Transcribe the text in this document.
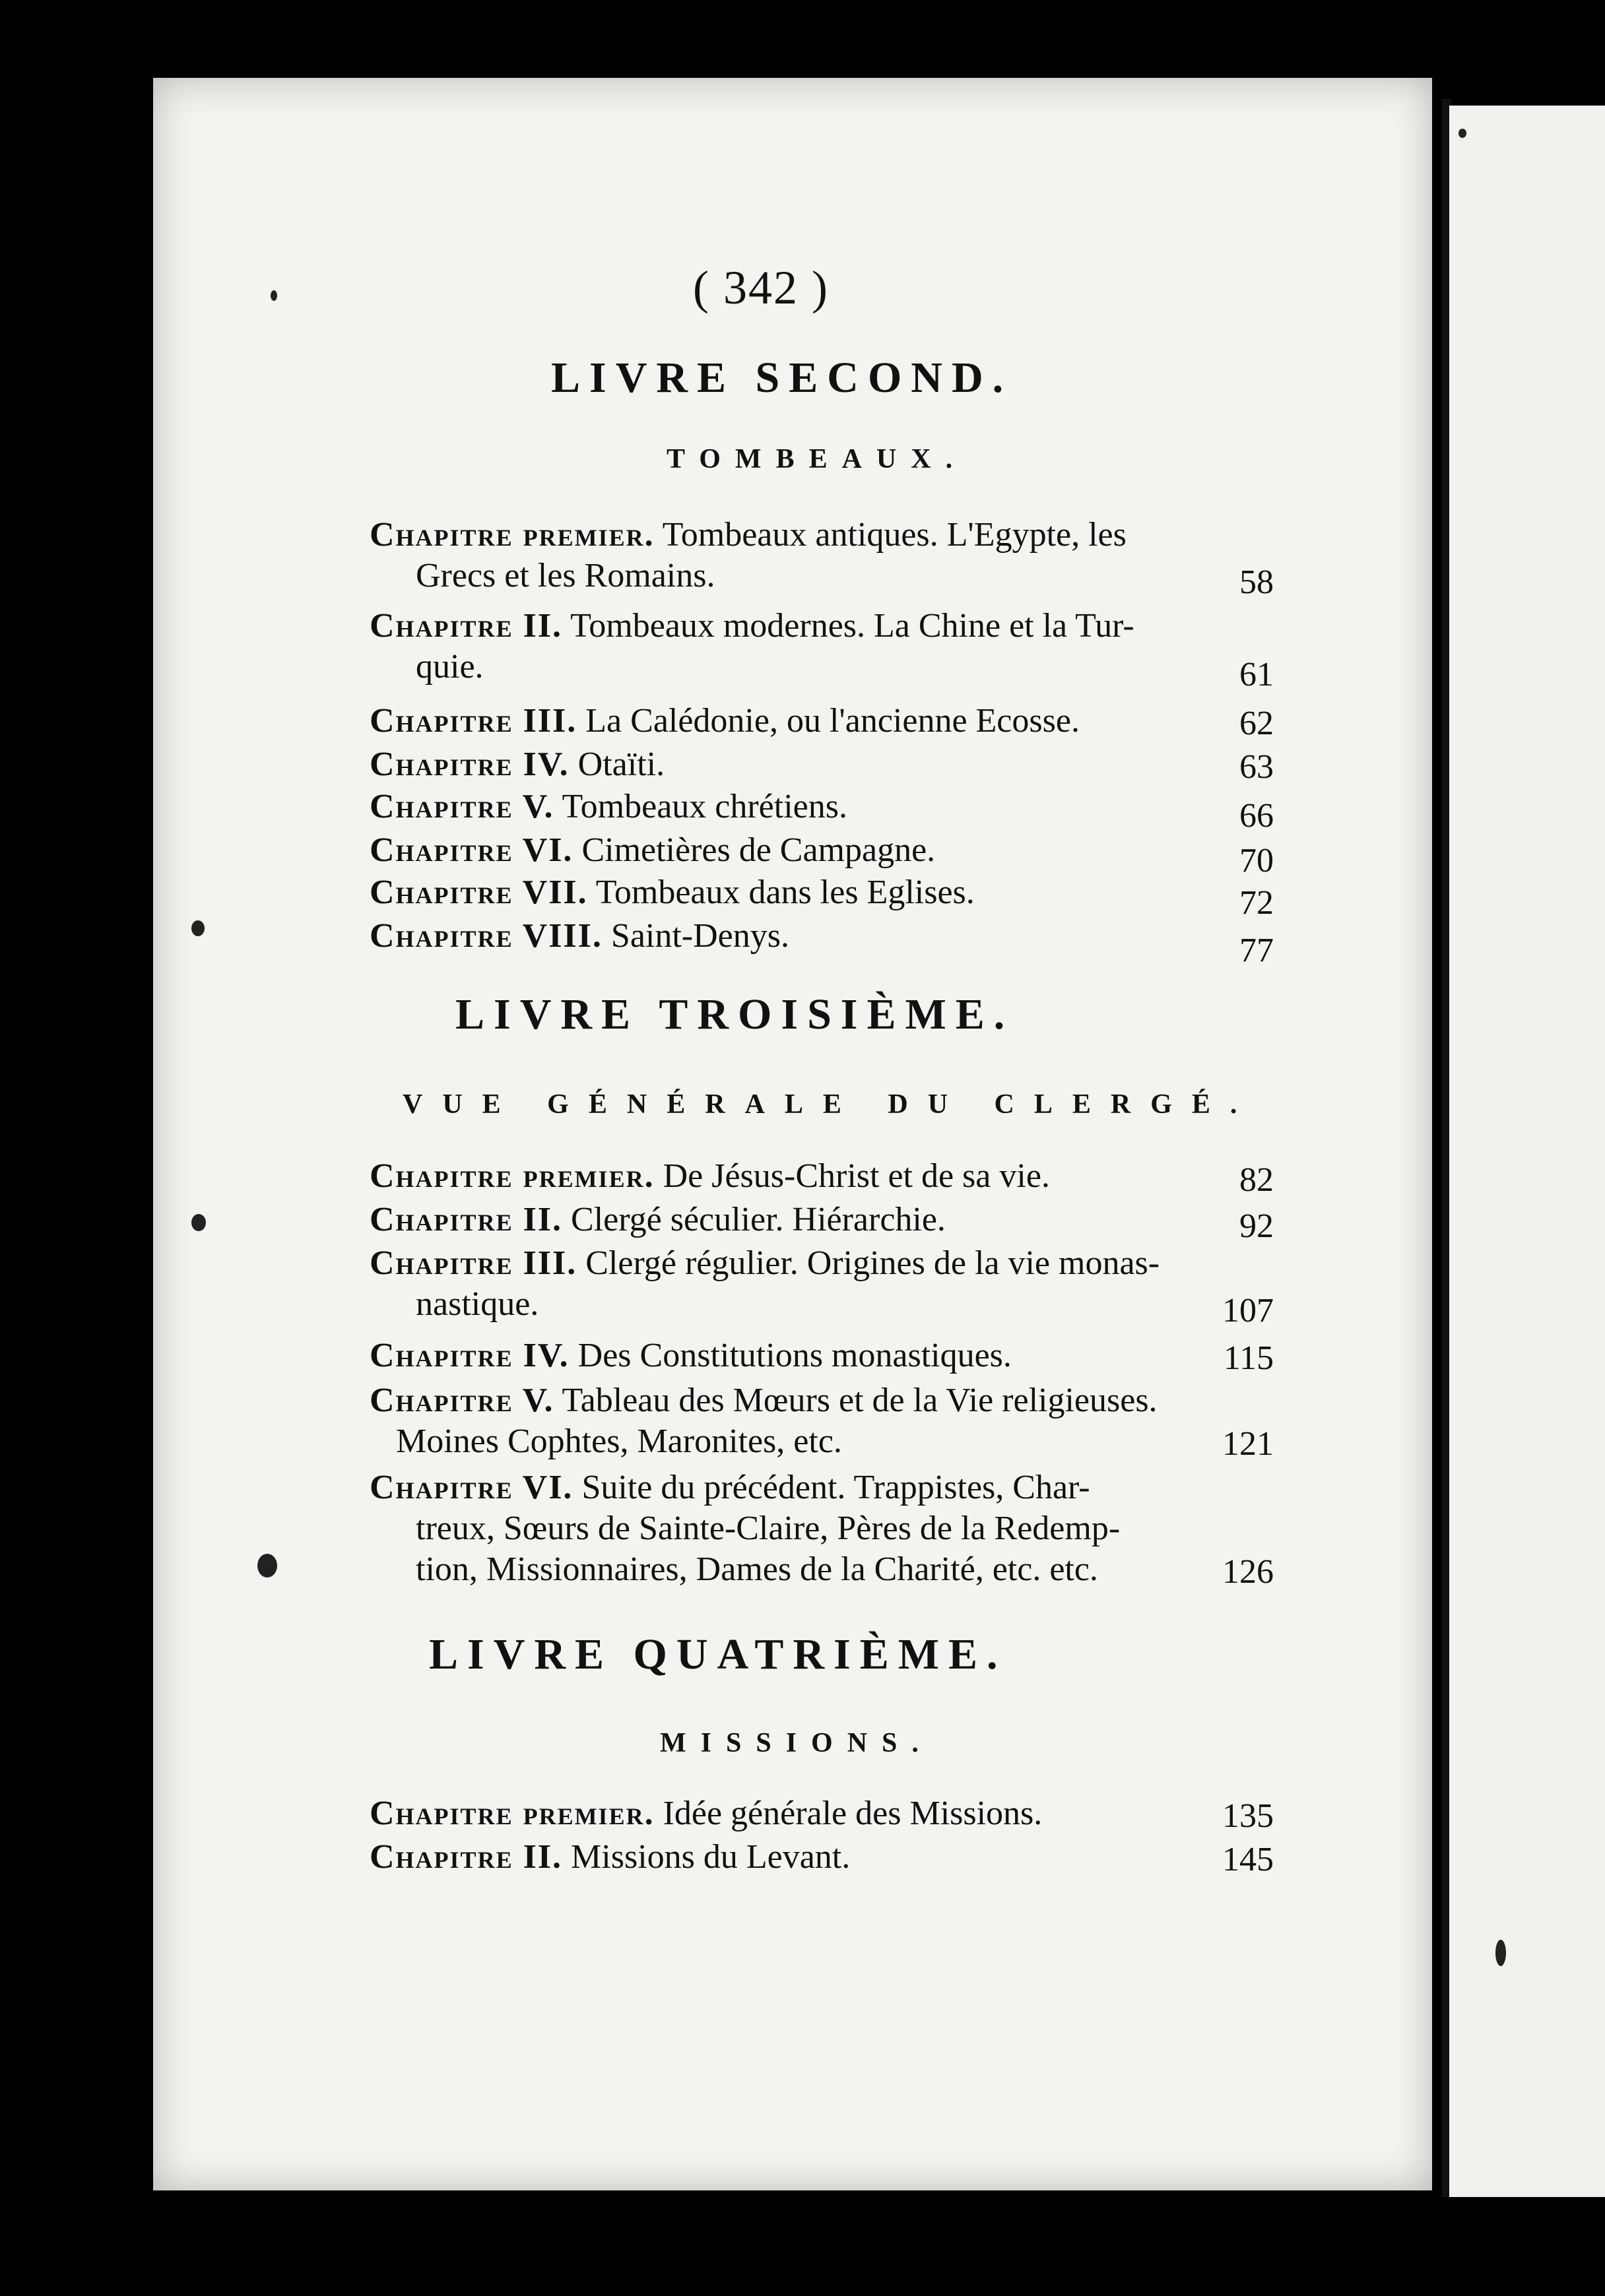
( 342 )
LIVRE SECOND.
TOMBEAUX.
Chapitre premier. Tombeaux antiques. L'Egypte, les
Grecs et les Romains.	58
Chapitre II. Tombeaux modernes. La Chine et la Tur-
quie.	61
Chapitre III. La Calédonie, ou l'ancienne Ecosse.	62
Chapitre IV. Otaïti.	63
Chapitre V. Tombeaux chrétiens.	66
Chapitre VI. Cimetières de Campagne.	70
Chapitre VII. Tombeaux dans les Eglises.	72
Chapitre VIII. Saint-Denys.	77
LIVRE TROISIÈME.
VUE GÉNÉRALE DU CLERGÉ.
Chapitre premier. De Jésus-Christ et de sa vie.	82
Chapitre II. Clergé séculier. Hiérarchie.	92
Chapitre III. Clergé régulier. Origines de la vie monas-
nastique.	107
Chapitre IV. Des Constitutions monastiques.	115
Chapitre V. Tableau des Mœurs et de la Vie religieuses.
Moines Cophtes, Maronites, etc.	121
Chapitre VI. Suite du précédent. Trappistes, Char-
treux, Sœurs de Sainte-Claire, Pères de la Redemp-
tion, Missionnaires, Dames de la Charité, etc. etc.	126
LIVRE QUATRIÈME.
MISSIONS.
Chapitre premier. Idée générale des Missions.	135
Chapitre II. Missions du Levant.	145
